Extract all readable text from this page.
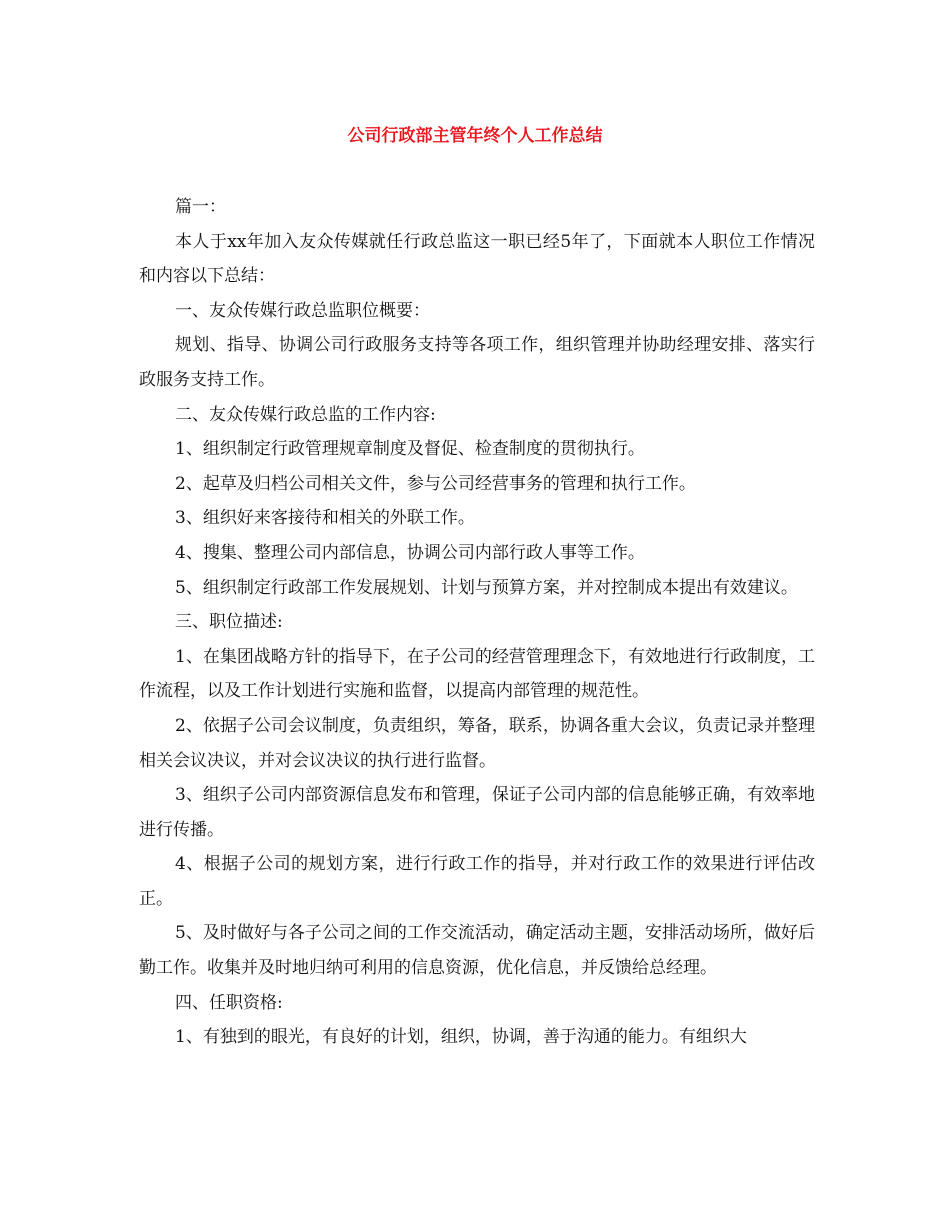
公司行政部主管年终个人工作总结

篇一：

本人于xx年加入友众传媒就任行政总监这一职已经5年了，下面就本人职位工作情况和内容以下总结：

一、友众传媒行政总监职位概要：

规划、指导、协调公司行政服务支持等各项工作，组织管理并协助经理安排、落实行政服务支持工作。

二、友众传媒行政总监的工作内容:

1、组织制定行政管理规章制度及督促、检查制度的贯彻执行。

2、起草及归档公司相关文件，参与公司经营事务的管理和执行工作。

3、组织好来客接待和相关的外联工作。

4、搜集、整理公司内部信息，协调公司内部行政人事等工作。

5、组织制定行政部工作发展规划、计划与预算方案，并对控制成本提出有效建议。

三、职位描述:

1、在集团战略方针的指导下，在子公司的经营管理理念下，有效地进行行政制度，工作流程，以及工作计划进行实施和监督，以提高内部管理的规范性。

2、依据子公司会议制度，负责组织，筹备，联系，协调各重大会议，负责记录并整理相关会议决议，并对会议决议的执行进行监督。

3、组织子公司内部资源信息发布和管理，保证子公司内部的信息能够正确，有效率地进行传播。

4、根据子公司的规划方案，进行行政工作的指导，并对行政工作的效果进行评估改正。

5、及时做好与各子公司之间的工作交流活动，确定活动主题，安排活动场所，做好后勤工作。收集并及时地归纳可利用的信息资源，优化信息，并反馈给总经理。

四、任职资格:

1、有独到的眼光，有良好的计划，组织，协调，善于沟通的能力。有组织大
